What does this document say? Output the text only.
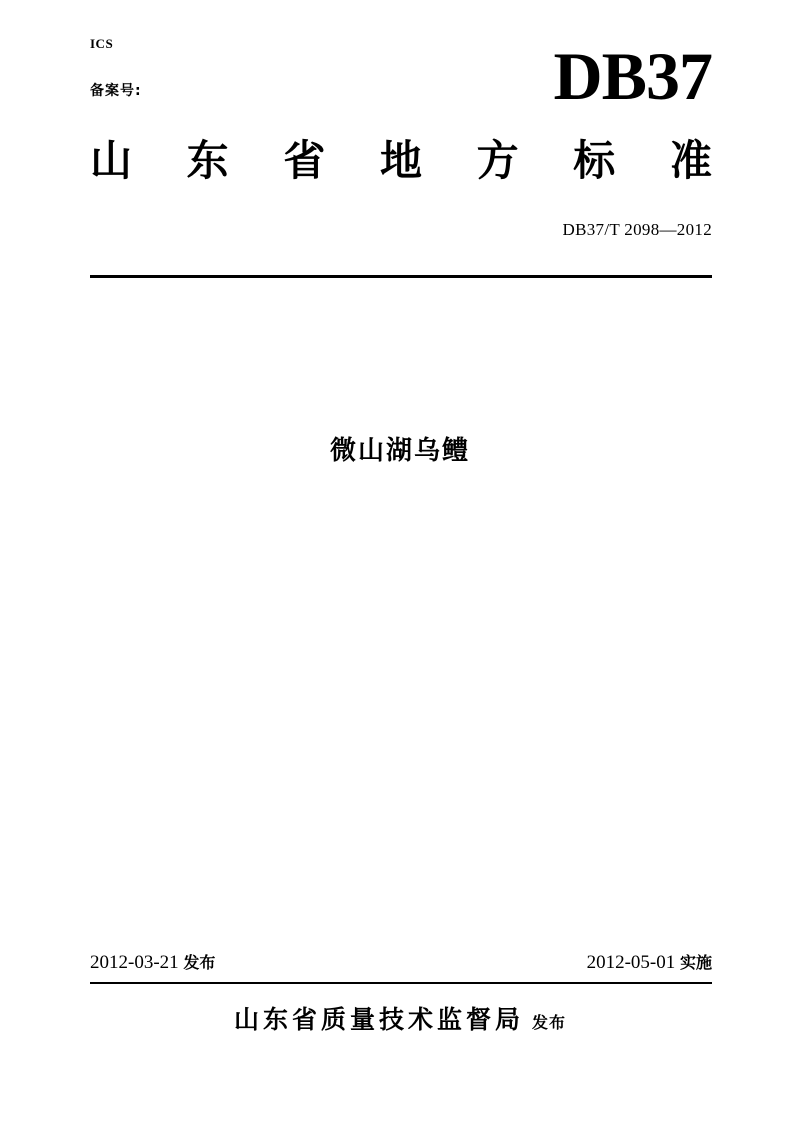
ICS
备案号:	DB37
山 东 省 地 方 标 准
DB37/T 2098—2012
微山湖乌鳢
2012-03-21 发布	2012-05-01 实施
山东省质量技术监督局 发布
